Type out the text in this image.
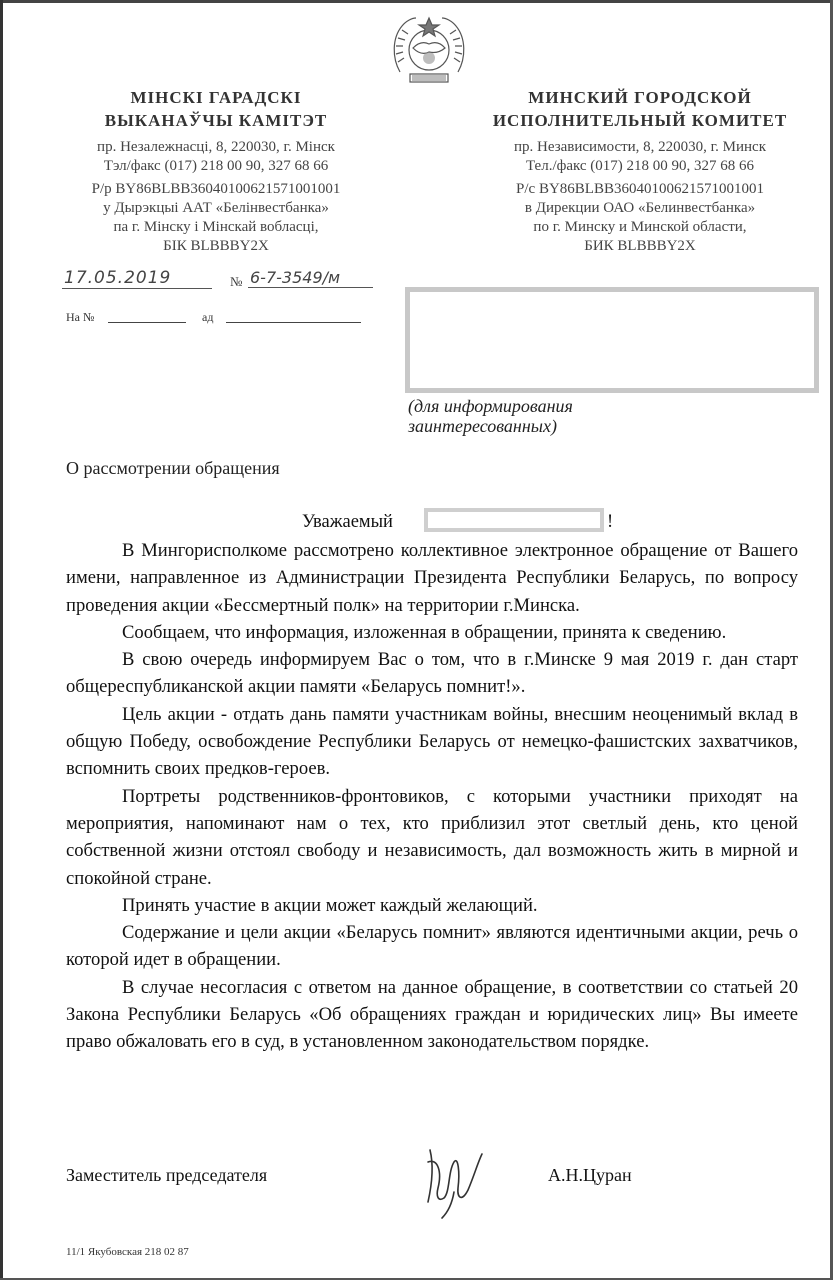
МІНСКІ ГАРАДСКІ
ВЫКАНАЎЧЫ КАМІТЭТ
пр. Незалежнасці, 8, 220030, г. Мінск
Тэл/факс (017) 218 00 90, 327 68 66
Р/р BY86BLBB36040100621571001001
у Дырэкцыі ААТ «Белінвестбанка»
па г. Мінску і Мінскай вобласці,
БІК BLBBBY2X
МИНСКИЙ ГОРОДСКОЙ
ИСПОЛНИТЕЛЬНЫЙ КОМИТЕТ
пр. Независимости, 8, 220030, г. Минск
Тел./факс (017) 218 00 90, 327 68 66
Р/с BY86BLBB36040100621571001001
в Дирекции ОАО «Белинвестбанка»
по г. Минску и Минской области,
БИК BLBBBY2X
17.05.2019	№ 6-7-3549/м
На №	ад
(для информирования
заинтересованных)
О рассмотрении обращения
Уважаемый	!

В Мингорисполкоме рассмотрено коллективное электронное обращение от Вашего имени, направленное из Администрации Президента Республики Беларусь, по вопросу проведения акции «Бессмертный полк» на территории г.Минска.

Сообщаем, что информация, изложенная в обращении, принята к сведению.

В свою очередь информируем Вас о том, что в г.Минске 9 мая 2019 г. дан старт общереспубликанской акции памяти «Беларусь помнит!».

Цель акции - отдать дань памяти участникам войны, внесшим неоценимый вклад в общую Победу, освобождение Республики Беларусь от немецко-фашистских захватчиков, вспомнить своих предков-героев.

Портреты родственников-фронтовиков, с которыми участники приходят на мероприятия, напоминают нам о тех, кто приблизил этот светлый день, кто ценой собственной жизни отстоял свободу и независимость, дал возможность жить в мирной и спокойной стране.

Принять участие в акции может каждый желающий.

Содержание и цели акции «Беларусь помнит» являются идентичными акции, речь о которой идет в обращении.

В случае несогласия с ответом на данное обращение, в соответствии со статьей 20 Закона Республики Беларусь «Об обращениях граждан и юридических лиц» Вы имеете право обжаловать его в суд, в установленном законодательством порядке.

Заместитель председателя	А.Н.Цуран
11/1 Якубовская 218 02 87
